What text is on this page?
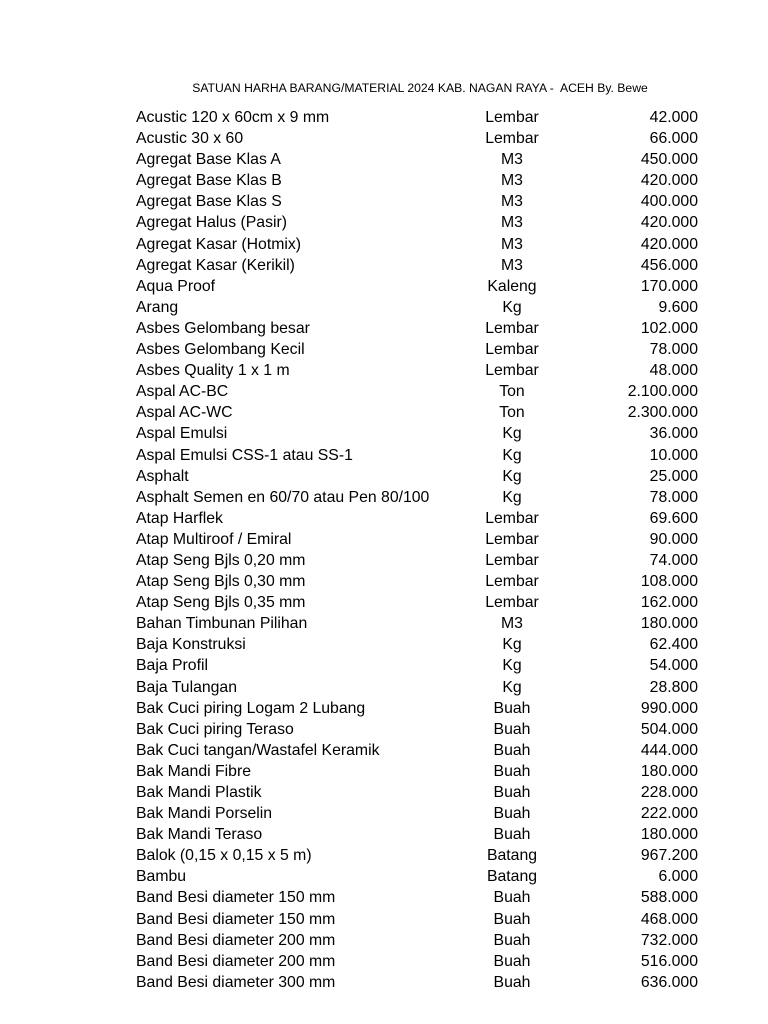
SATUAN HARHA BARANG/MATERIAL 2024 KAB. NAGAN RAYA -  ACEH By. Bewe
Acustic 120 x 60cm x 9 mm	Lembar	42.000
Acustic 30 x 60	Lembar	66.000
Agregat Base Klas A	M3	450.000
Agregat Base Klas B	M3	420.000
Agregat Base Klas S	M3	400.000
Agregat Halus (Pasir)	M3	420.000
Agregat Kasar (Hotmix)	M3	420.000
Agregat Kasar (Kerikil)	M3	456.000
Aqua Proof	Kaleng	170.000
Arang	Kg	9.600
Asbes Gelombang besar	Lembar	102.000
Asbes Gelombang Kecil	Lembar	78.000
Asbes Quality 1 x 1 m	Lembar	48.000
Aspal AC-BC	Ton	2.100.000
Aspal AC-WC	Ton	2.300.000
Aspal Emulsi	Kg	36.000
Aspal Emulsi CSS-1 atau SS-1	Kg	10.000
Asphalt	Kg	25.000
Asphalt Semen en 60/70 atau Pen 80/100	Kg	78.000
Atap Harflek	Lembar	69.600
Atap Multiroof / Emiral	Lembar	90.000
Atap Seng Bjls 0,20 mm	Lembar	74.000
Atap Seng Bjls 0,30 mm	Lembar	108.000
Atap Seng Bjls 0,35 mm	Lembar	162.000
Bahan Timbunan Pilihan	M3	180.000
Baja Konstruksi	Kg	62.400
Baja Profil	Kg	54.000
Baja Tulangan	Kg	28.800
Bak Cuci piring Logam 2 Lubang	Buah	990.000
Bak Cuci piring Teraso	Buah	504.000
Bak Cuci tangan/Wastafel Keramik	Buah	444.000
Bak Mandi Fibre	Buah	180.000
Bak Mandi Plastik	Buah	228.000
Bak Mandi Porselin	Buah	222.000
Bak Mandi Teraso	Buah	180.000
Balok (0,15 x 0,15 x 5 m)	Batang	967.200
Bambu	Batang	6.000
Band Besi diameter 150 mm	Buah	588.000
Band Besi diameter 150 mm	Buah	468.000
Band Besi diameter 200 mm	Buah	732.000
Band Besi diameter 200 mm	Buah	516.000
Band Besi diameter 300 mm	Buah	636.000
